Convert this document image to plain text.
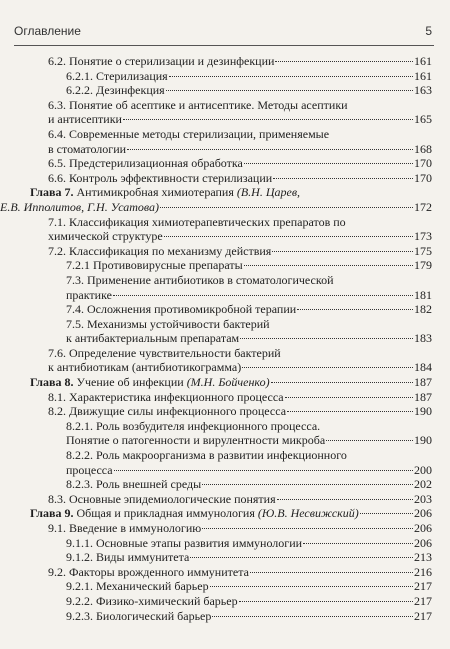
Оглавление	5
6.2. Понятие о стерилизации и дезинфекции	161
6.2.1. Стерилизация	161
6.2.2. Дезинфекция	163
6.3. Понятие об асептике и антисептике. Методы асептики
и антисептики	165
6.4. Современные методы стерилизации, применяемые
в стоматологии	168
6.5. Предстерилизационная обработка	170
6.6. Контроль эффективности стерилизации	170
Глава 7. Антимикробная химиотерапия (В.Н. Царев,
Е.В. Ипполитов, Г.Н. Усатова)	172
7.1. Классификация химиотерапевтических препаратов по
химической структуре	173
7.2. Классификация по механизму действия	175
7.2.1 Противовирусные препараты	179
7.3. Применение антибиотиков в стоматологической
практике	181
7.4. Осложнения противомикробной терапии	182
7.5. Механизмы устойчивости бактерий
к антибактериальным препаратам	183
7.6. Определение чувствительности бактерий
к антибиотикам (антибиотикограмма)	184
Глава 8. Учение об инфекции (М.Н. Бойченко)	187
8.1. Характеристика инфекционного процесса	187
8.2. Движущие силы инфекционного процесса	190
8.2.1. Роль возбудителя инфекционного процесса.
Понятие о патогенности и вирулентности микроба	190
8.2.2. Роль макроорганизма в развитии инфекционного
процесса	200
8.2.3. Роль внешней среды	202
8.3. Основные эпидемиологические понятия	203
Глава 9. Общая и прикладная иммунология (Ю.В. Несвижский)	206
9.1. Введение в иммунологию	206
9.1.1. Основные этапы развития иммунологии	206
9.1.2. Виды иммунитета	213
9.2. Факторы врожденного иммунитета	216
9.2.1. Механический барьер	217
9.2.2. Физико-химический барьер	217
9.2.3. Биологический барьер	217
